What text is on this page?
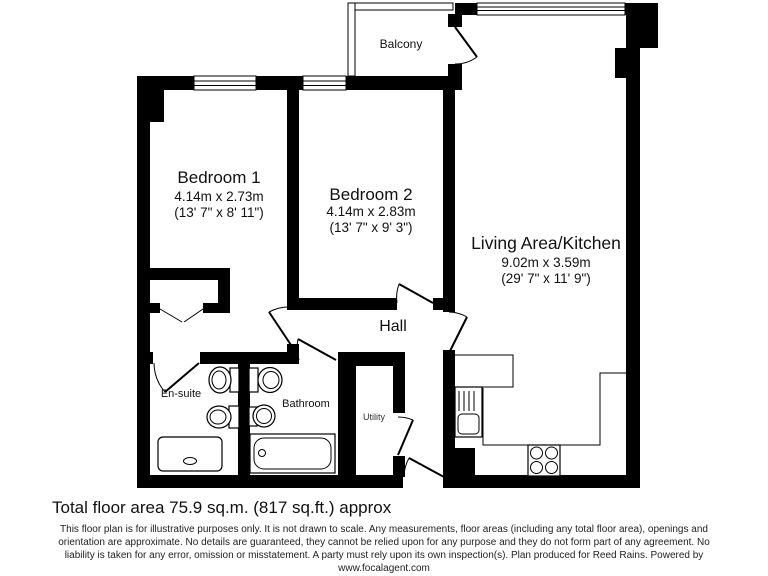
Balcony
Bedroom 1
4.14m x 2.73m
(13' 7" x 8' 11")
Bedroom 2
4.14m x 2.83m
(13' 7" x 9' 3")
Living Area/Kitchen
9.02m x 3.59m
(29' 7" x 11' 9")
Hall
En-suite
Bathroom
Utility
Total floor area 75.9 sq.m. (817 sq.ft.) approx
This floor plan is for illustrative purposes only. It is not drawn to scale. Any measurements, floor areas (including any total floor area), openings and
orientation are approximate. No details are guaranteed, they cannot be relied upon for any purpose and they do not form part of any agreement. No
liability is taken for any error, omission or misstatement. A party must rely upon its own inspection(s). Plan produced for Reed Rains. Powered by
www.focalagent.com
